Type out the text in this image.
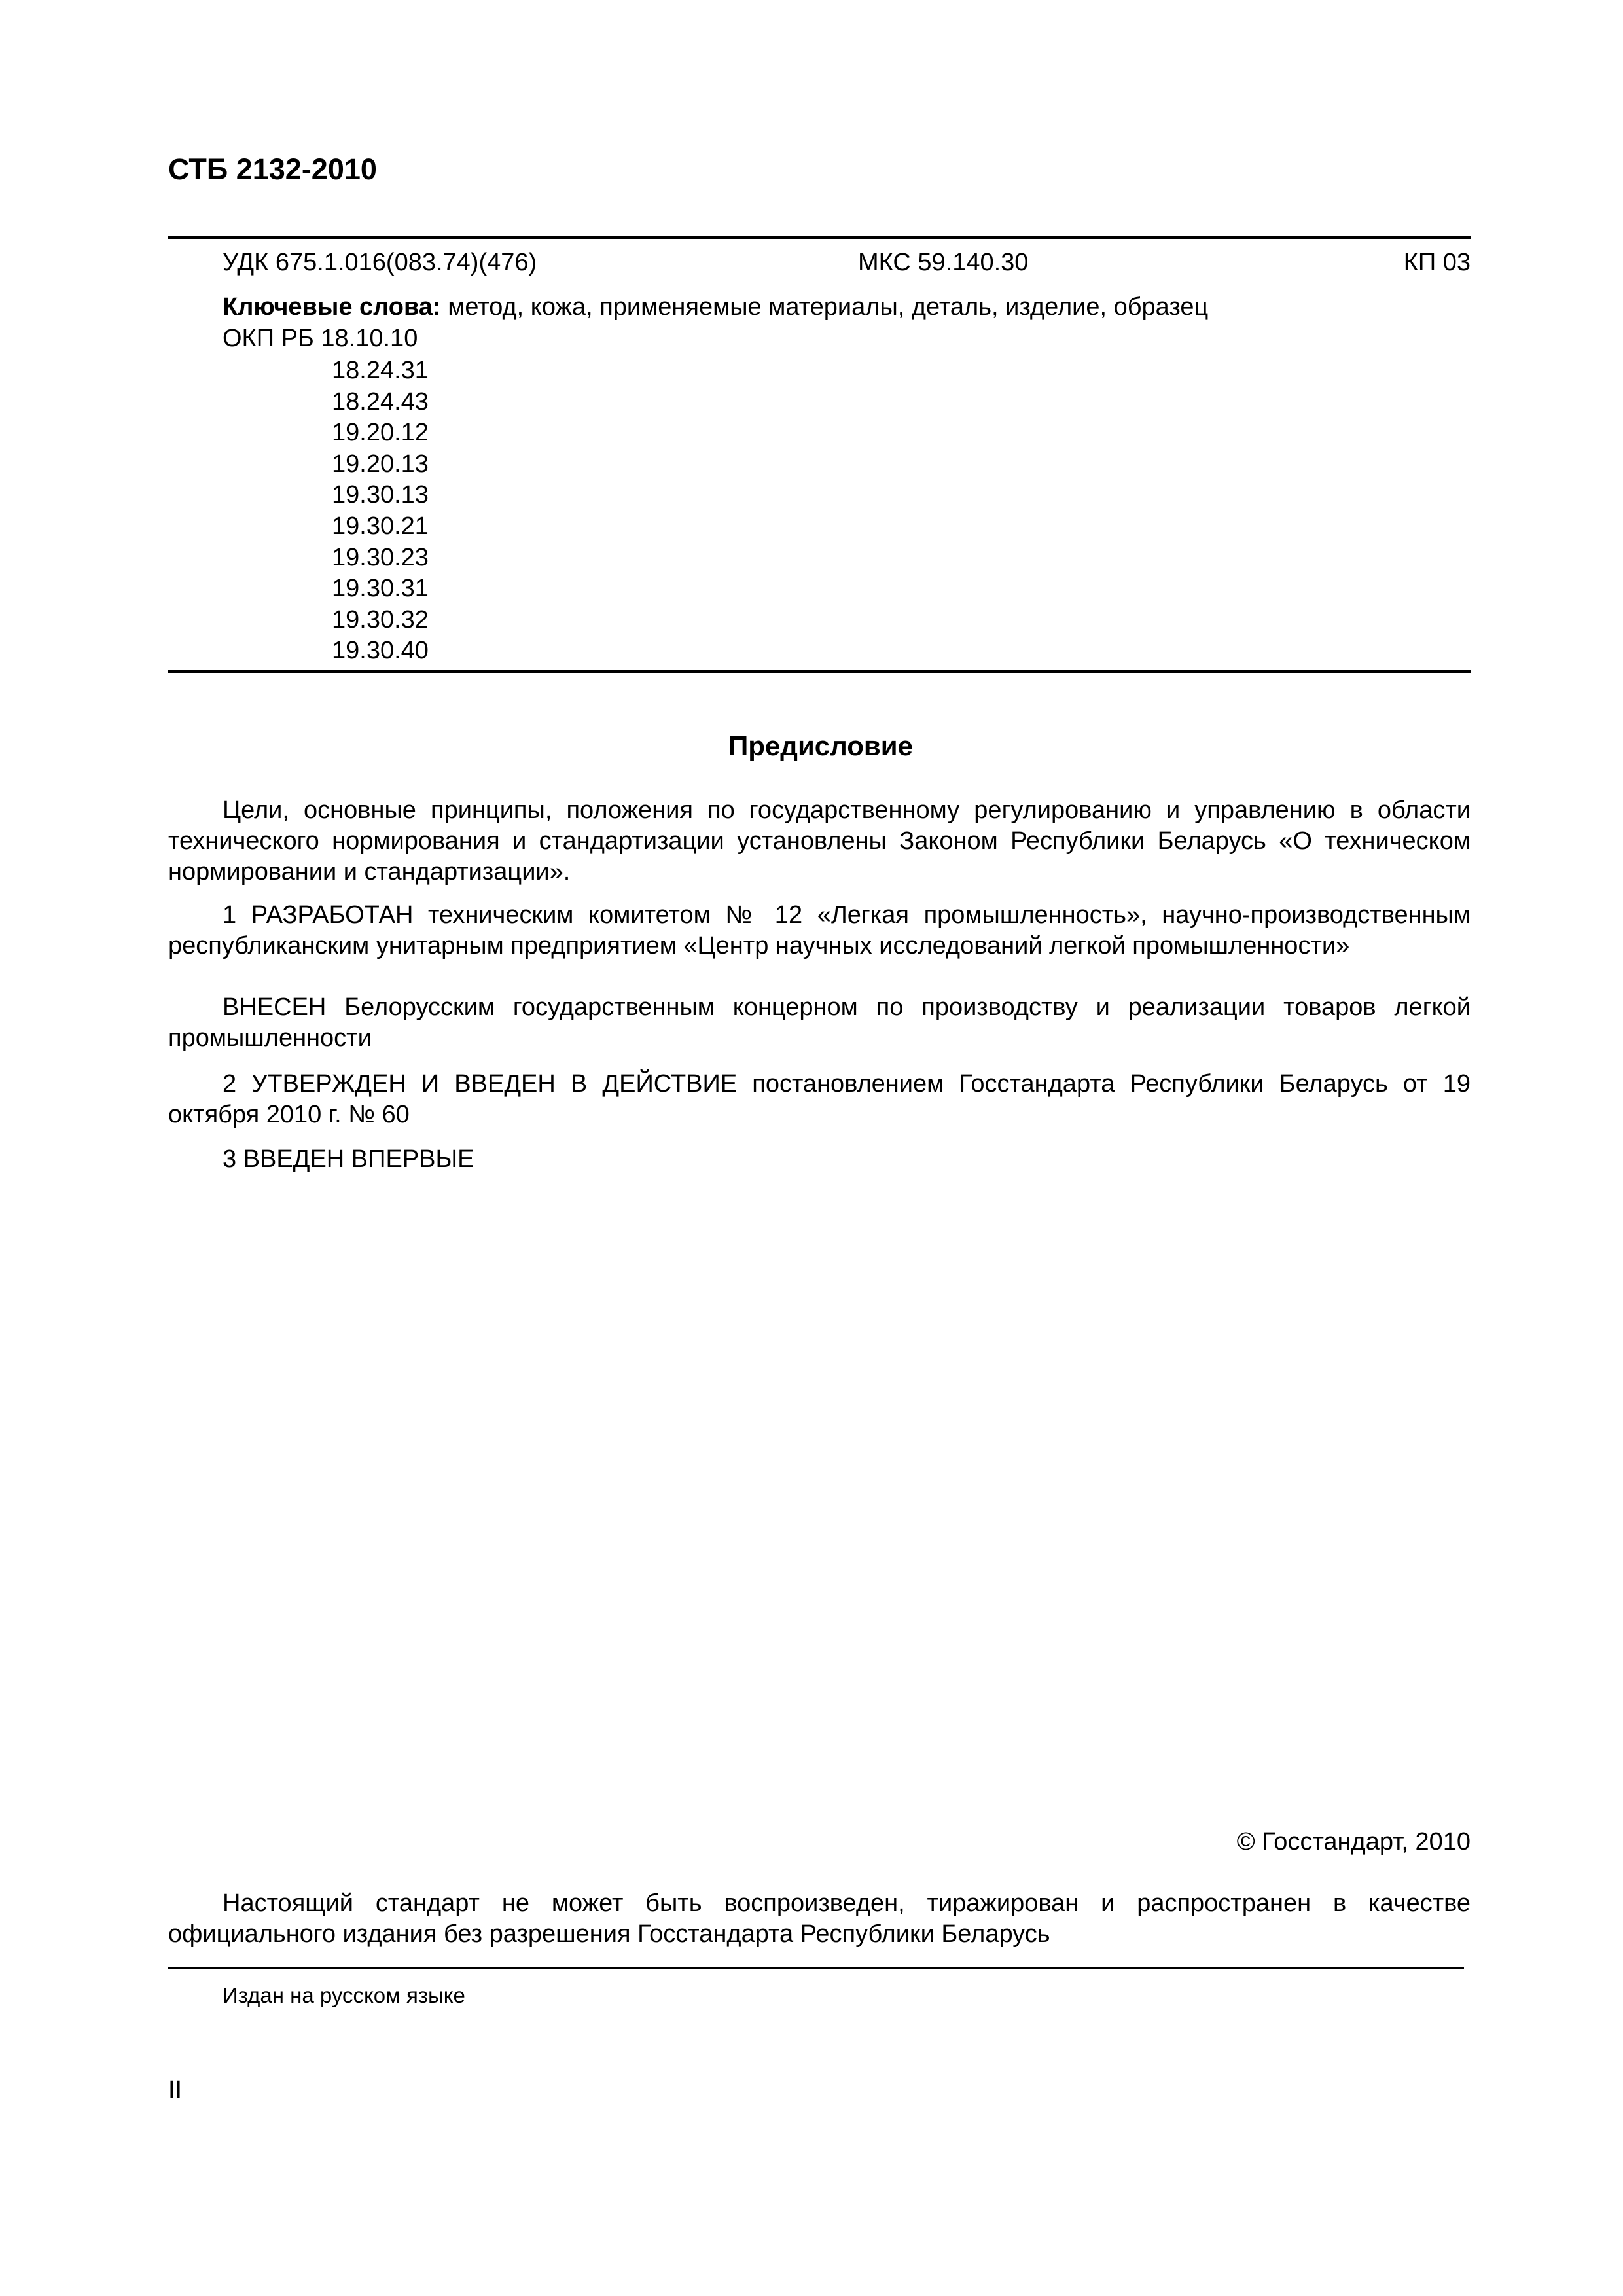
СТБ 2132-2010
УДК 675.1.016(083.74)(476)	МКС 59.140.30	КП 03
Ключевые слова: метод, кожа, применяемые материалы, деталь, изделие, образец
ОКП РБ 18.10.10
18.24.31
18.24.43
19.20.12
19.20.13
19.30.13
19.30.21
19.30.23
19.30.31
19.30.32
19.30.40
Предисловие
Цели, основные принципы, положения по государственному регулированию и управлению в области технического нормирования и стандартизации установлены Законом Республики Беларусь «О техническом нормировании и стандартизации».
1 РАЗРАБОТАН техническим комитетом № 12 «Легкая промышленность», научно-производственным республиканским унитарным предприятием «Центр научных исследований легкой промышленности»
ВНЕСЕН Белорусским государственным концерном по производству и реализации товаров легкой промышленности
2 УТВЕРЖДЕН И ВВЕДЕН В ДЕЙСТВИЕ постановлением Госстандарта Республики Беларусь от 19 октября 2010 г. № 60
3 ВВЕДЕН ВПЕРВЫЕ
© Госстандарт, 2010
Настоящий стандарт не может быть воспроизведен, тиражирован и распространен в качестве официального издания без разрешения Госстандарта Республики Беларусь
Издан на русском языке
II
